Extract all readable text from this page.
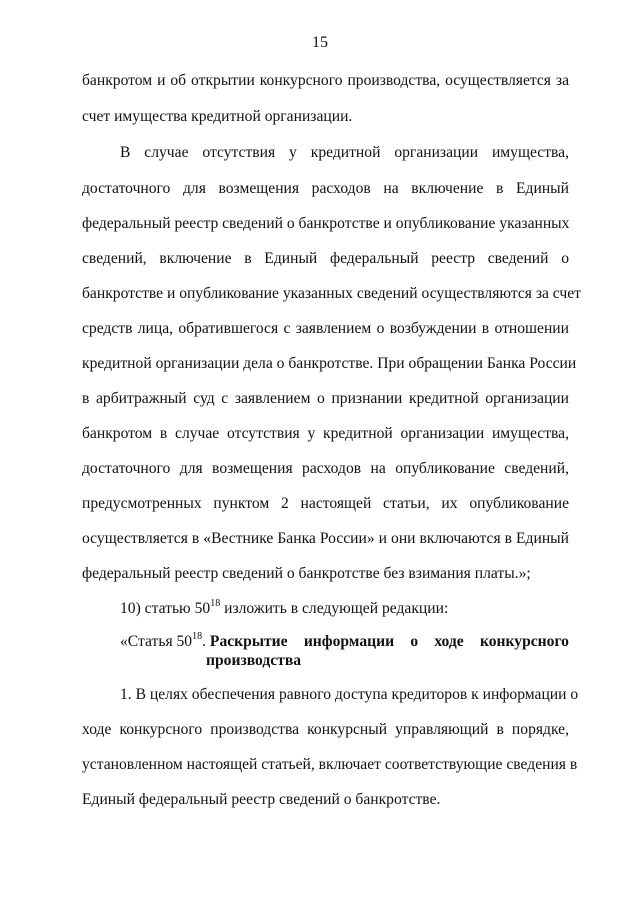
15
банкротом и об открытии конкурсного производства, осуществляется за
счет имущества кредитной организации.
В случае отсутствия у кредитной организации имущества,
достаточного для возмещения расходов на включение в Единый
федеральный реестр сведений о банкротстве и опубликование указанных
сведений, включение в Единый федеральный реестр сведений о
банкротстве и опубликование указанных сведений осуществляются за счет
средств лица, обратившегося с заявлением о возбуждении в отношении
кредитной организации дела о банкротстве. При обращении Банка России
в арбитражный суд с заявлением о признании кредитной организации
банкротом в случае отсутствия у кредитной организации имущества,
достаточного для возмещения расходов на опубликование сведений,
предусмотренных пунктом 2 настоящей статьи, их опубликование
осуществляется в «Вестнике Банка России» и они включаются в Единый
федеральный реестр сведений о банкротстве без взимания платы.»;
10) статью $50^{18}$ изложить в следующей редакции:
«Статья $50^{18}$. Раскрытие информации о ходе конкурсного
производства
1. В целях обеспечения равного доступа кредиторов к информации о
ходе конкурсного производства конкурсный управляющий в порядке,
установленном настоящей статьей, включает соответствующие сведения в
Единый федеральный реестр сведений о банкротстве.
